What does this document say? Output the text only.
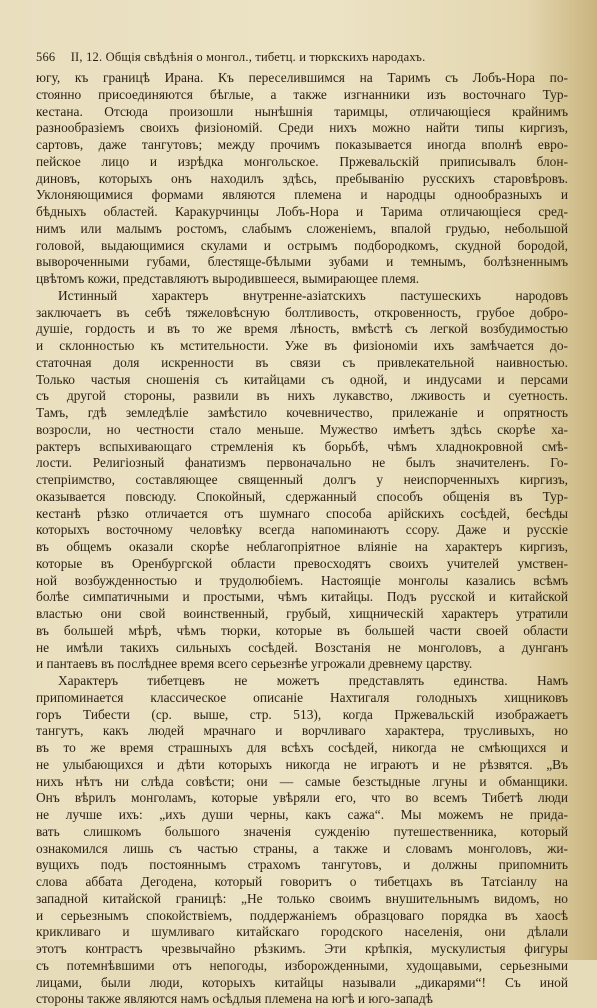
566 II, 12. Общія свѣдѣнія о монгол., тибетц. и тюркскихъ народахъ.
югу, къ границѣ Ирана. Къ переселившимся на Таримъ съ Лобъ-Нора по-
стоянно присоединяются бѣглые, а также изгнанники изъ восточнаго Тур-
кестана. Отсюда произошли нынѣшнія таримцы, отличающіеся крайнимъ
разнообразіемъ своихъ физіономій. Среди нихъ можно найти типы киргизъ,
сартовъ, даже тангутовъ; между прочимъ показывается иногда вполнѣ евро-
пейское лицо и изрѣдка монгольское. Пржевальскій приписывалъ блон-
диновъ, которыхъ онъ находилъ здѣсь, пребыванію русскихъ старовѣровъ.
Уклоняющимися формами являются племена и народцы однообразныхъ и
бѣдныхъ областей. Каракурчинцы Лобъ-Нора и Тарима отличающіеся сред-
нимъ или малымъ ростомъ, слабымъ сложеніемъ, впалой грудью, небольшой
головой, выдающимися скулами и острымъ подбородкомъ, скудной бородой,
вывороченными губами, блестяще-бѣлыми зубами и темнымъ, болѣзненнымъ
цвѣтомъ кожи, представляютъ выродившееся, вымирающее племя.
Истинный характеръ внутренне-азіатскихъ пастушескихъ народовъ
заключаетъ въ себѣ тяжеловѣсную болтливость, откровенность, грубое добро-
душіе, гордость и въ то же время лѣность, вмѣстѣ съ легкой возбудимостью
и склонностью къ мстительности. Уже въ физіономіи ихъ замѣчается до-
статочная доля искренности въ связи съ привлекательной наивностью.
Только частыя сношенія съ китайцами съ одной, и индусами и персами
съ другой стороны, развили въ нихъ лукавство, лживость и суетность.
Тамъ, гдѣ земледѣліе замѣстило кочевничество, прилежаніе и опрятность
возросли, но честности стало меньше. Мужество имѣетъ здѣсь скорѣе ха-
рактеръ вспыхивающаго стремленія къ борьбѣ, чѣмъ хладнокровной смѣ-
лости. Религіозный фанатизмъ первоначально не былъ значителенъ. Го-
степріимство, составляющее священный долгъ у неиспорченныхъ киргизъ,
оказывается повсюду. Спокойный, сдержанный способъ общенія въ Тур-
кестанѣ рѣзко отличается отъ шумнаго способа арійскихъ сосѣдей, бесѣды
которыхъ восточному человѣку всегда напоминаютъ ссору. Даже и русскіе
въ общемъ оказали скорѣе неблагопріятное вліяніе на характеръ киргизъ,
которые въ Оренбургской области превосходятъ своихъ учителей умствен-
ной возбужденностью и трудолюбіемъ. Настоящіе монголы казались всѣмъ
болѣе симпатичными и простыми, чѣмъ китайцы. Подъ русской и китайской
властью они свой воинственный, грубый, хищническій характеръ утратили
въ большей мѣрѣ, чѣмъ тюрки, которые въ большей части своей области
не имѣли такихъ сильныхъ сосѣдей. Возстанія не монголовъ, а дунганъ
и пантаевъ въ послѣднее время всего серьезнѣе угрожали древнему царству.
Характеръ тибетцевъ не можетъ представлять единства. Намъ
припоминается классическое описаніе Нахтигаля голодныхъ хищниковъ
горъ Тибести (ср. выше, стр. 513), когда Пржевальскій изображаетъ
тангутъ, какъ людей мрачнаго и ворчливаго характера, трусливыхъ, но
въ то же время страшныхъ для всѣхъ сосѣдей, никогда не смѣющихся и
не улыбающихся и дѣти которыхъ никогда не играютъ и не рѣзвятся. „Въ
нихъ нѣтъ ни слѣда совѣсти; они — самые безстыдные лгуны и обманщики.
Онъ вѣрилъ монголамъ, которые увѣряли его, что во всемъ Тибетѣ люди
не лучше ихъ: „ихъ души черны, какъ сажа“. Мы можемъ не прида-
вать слишкомъ большого значенія сужденію путешественника, который
ознакомился лишь съ частью страны, а также и словамъ монголовъ, жи-
вущихъ подъ постояннымъ страхомъ тангутовъ, и должны припомнить
слова аббата Дегодена, который говоритъ о тибетцахъ въ Татсіанлу на
западной китайской границѣ: „Не только своимъ внушительнымъ видомъ, но
и серьезнымъ спокойствіемъ, поддержаніемъ образцоваго порядка въ хаосѣ
крикливаго и шумливаго китайскаго городского населенія, они дѣлали
этотъ контрастъ чрезвычайно рѣзкимъ. Эти крѣпкія, мускулистыя фигуры
съ потемнѣвшими отъ непогоды, изборожденными, худощавыми, серьезными
лицами, были люди, которыхъ китайцы называли „дикарями“! Съ иной
стороны также являются намъ осѣдлыя племена на югѣ и юго-западѣ
